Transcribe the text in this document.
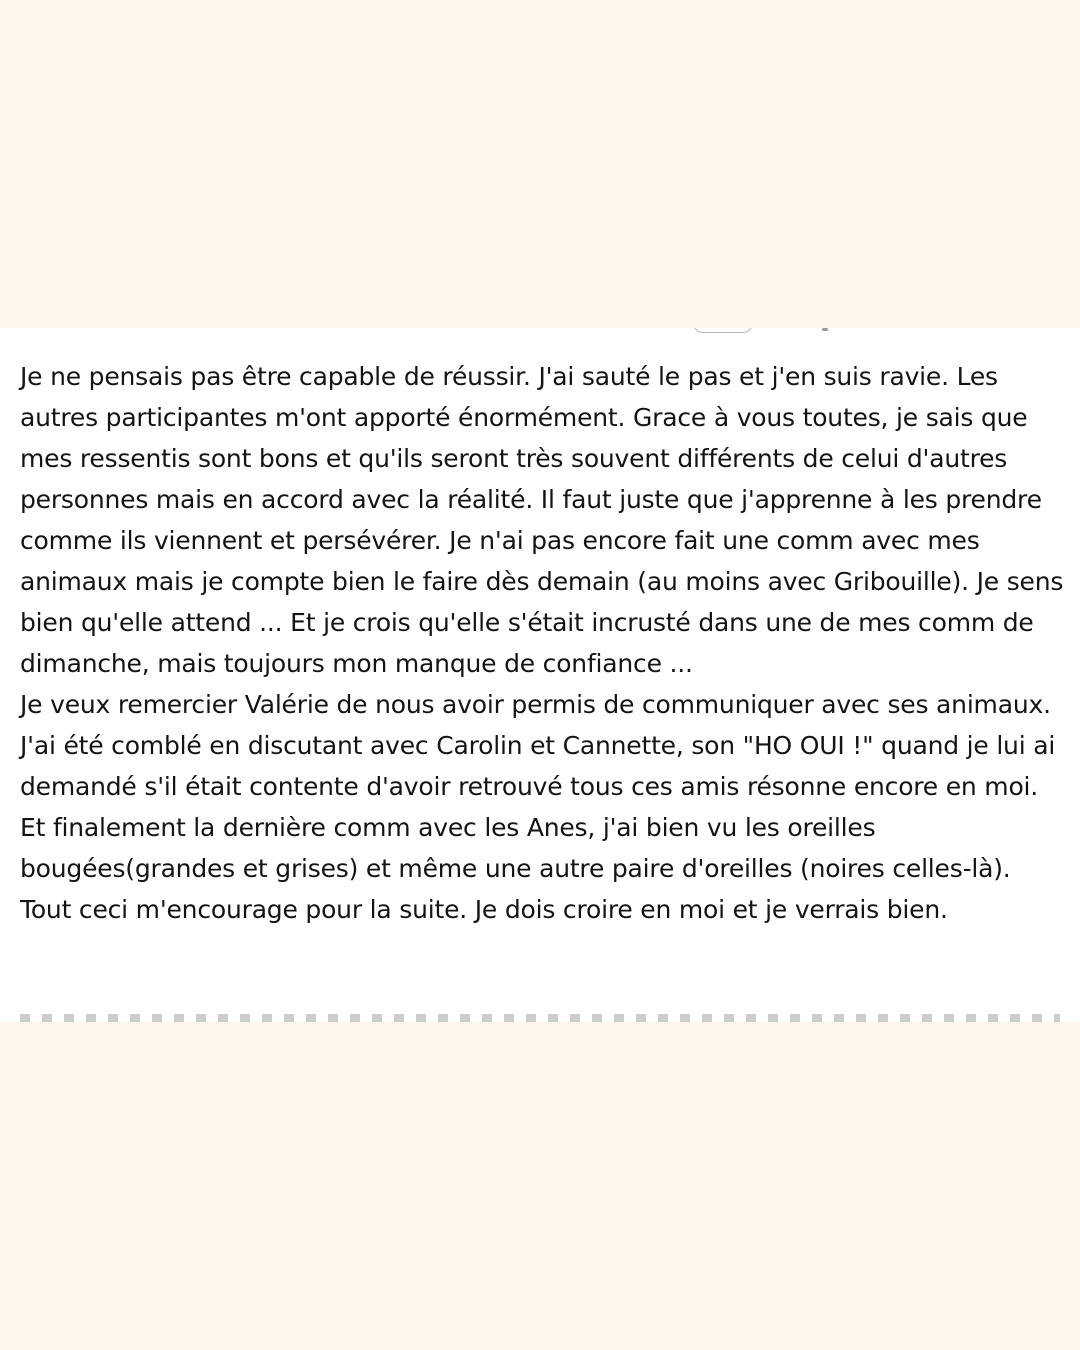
Je ne pensais pas être capable de réussir. J'ai sauté le pas et j'en suis ravie. Les autres participantes m'ont apporté énormément. Grace à vous toutes, je sais que mes ressentis sont bons et qu'ils seront très souvent différents de celui d'autres personnes mais en accord avec la réalité. Il faut juste que j'apprenne à les prendre comme ils viennent et persévérer. Je n'ai pas encore fait une comm avec mes animaux mais je compte bien le faire dès demain (au moins avec Gribouille). Je sens bien qu'elle attend ... Et je crois qu'elle s'était incrusté dans une de mes comm de dimanche, mais toujours mon manque de confiance ...

Je veux remercier Valérie de nous avoir permis de communiquer avec ses animaux. J'ai été comblé en discutant avec Carolin et Cannette, son "HO OUI !" quand je lui ai demandé s'il était contente d'avoir retrouvé tous ces amis résonne encore en moi. Et finalement la dernière comm avec les Anes, j'ai bien vu les oreilles bougées(grandes et grises) et même une autre paire d'oreilles (noires celles-là).

Tout ceci m'encourage pour la suite. Je dois croire en moi et je verrais bien.
